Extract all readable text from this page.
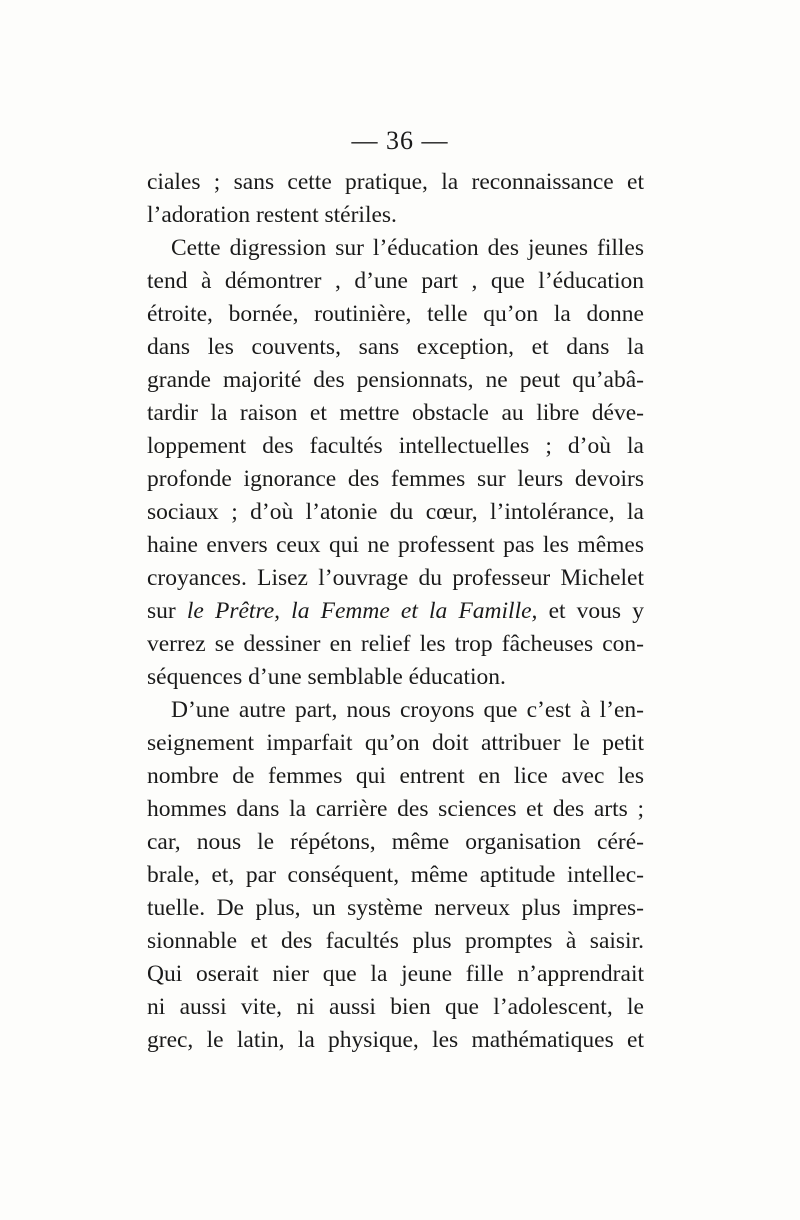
— 36 —
ciales ; sans cette pratique, la reconnaissance et
l’adoration restent stériles.
Cette digression sur l’éducation des jeunes filles
tend à démontrer , d’une part , que l’éducation
étroite, bornée, routinière, telle qu’on la donne
dans les couvents, sans exception, et dans la
grande majorité des pensionnats, ne peut qu’abâ-
tardir la raison et mettre obstacle au libre déve-
loppement des facultés intellectuelles ; d’où la
profonde ignorance des femmes sur leurs devoirs
sociaux ; d’où l’atonie du cœur, l’intolérance, la
haine envers ceux qui ne professent pas les mêmes
croyances. Lisez l’ouvrage du professeur Michelet
sur le Prêtre, la Femme et la Famille, et vous y
verrez se dessiner en relief les trop fâcheuses con-
séquences d’une semblable éducation.
D’une autre part, nous croyons que c’est à l’en-
seignement imparfait qu’on doit attribuer le petit
nombre de femmes qui entrent en lice avec les
hommes dans la carrière des sciences et des arts ;
car, nous le répétons, même organisation céré-
brale, et, par conséquent, même aptitude intellec-
tuelle. De plus, un système nerveux plus impres-
sionnable et des facultés plus promptes à saisir.
Qui oserait nier que la jeune fille n’apprendrait
ni aussi vite, ni aussi bien que l’adolescent, le
grec, le latin, la physique, les mathématiques et
